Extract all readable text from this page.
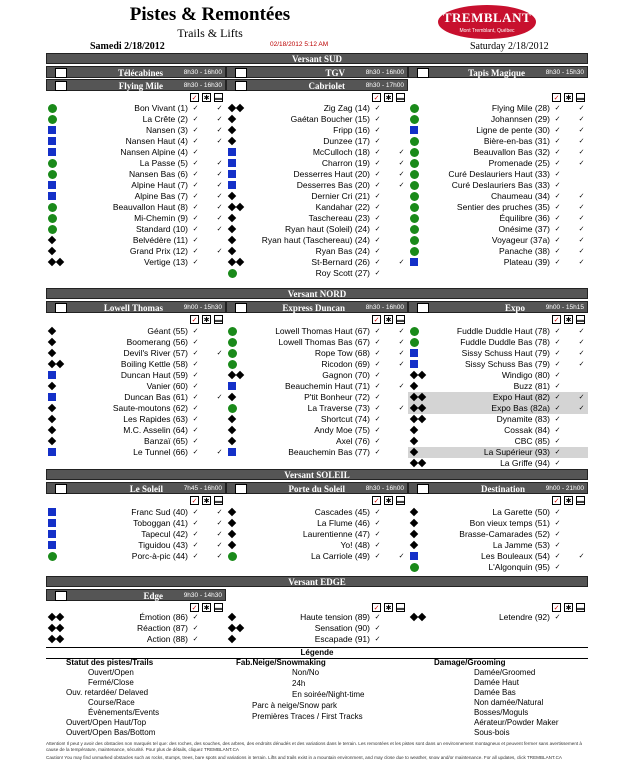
Pistes & Remontées
Trails & Lifts
Samedi 2/18/2012	02/18/2012 5:12 AM	Saturday 2/18/2012
TREMBLANT
Mont Tremblant, Québec
Versant SUD
Télécabines	8h30 - 16h00	TGV	8h30 - 16h00	Tapis Magique	8h30 - 15h30
Flying Mile	8h30 - 16h30	Cabriolet	8h30 - 17h00
✓ ✱ ▬	✓ ✱ ▬	✓ ✱ ▬
Bon Vivant (1) ✓	✓
La Crête (2) ✓	✓
Nansen (3) ✓	✓
Nansen Haut (4) ✓	✓
Nansen Alpine (4) ✓
La Passe (5) ✓	✓
Nansen Bas (6) ✓	✓
Alpine Haut (7) ✓	✓
Alpine Bas (7) ✓	✓
Beauvallon Haut (8) ✓	✓
Mi-Chemin (9) ✓	✓
Standard (10) ✓	✓
Belvédère (11) ✓
Grand Prix (12) ✓	✓
Vertige (13) ✓
Zig Zag (14) ✓
Gaétan Boucher (15) ✓
Fripp (16) ✓
Dunzee (17) ✓
McCulloch (18) ✓	✓
Charron (19) ✓	✓
Desserres Haut (20) ✓	✓
Desserres Bas (20) ✓	✓
Dernier Cri (21) ✓
Kandahar (22) ✓
Taschereau (23) ✓
Ryan haut (Soleil) (24) ✓
Ryan haut (Taschereau) (24) ✓
Ryan Bas (24) ✓
St-Bernard (26) ✓	✓
Roy Scott (27) ✓
Flying Mile (28) ✓	✓
Johannsen (29) ✓	✓
Ligne de pente (30) ✓	✓
Bière-en-bas (31) ✓	✓
Beauvallon Bas (32) ✓	✓
Promenade (25) ✓	✓
Curé Deslauriers Haut (33) ✓
Curé Deslauriers Bas (33) ✓
Chaumeau (34) ✓	✓
Sentier des pruches (35) ✓	✓
Équilibre (36) ✓	✓
Onésime (37) ✓	✓
Voyageur (37a) ✓	✓
Panache (38) ✓	✓
Plateau (39) ✓	✓
Versant NORD
Lowell Thomas	9h00 - 15h30	Express Duncan	8h30 - 16h00	Expo	9h00 - 15h15
✓ ✱ ▬	✓ ✱ ▬	✓ ✱ ▬
Géant (55) ✓
Boomerang (56) ✓
Devil's River (57) ✓	✓
Boiling Kettle (58) ✓
Duncan Haut (59) ✓
Vanier (60) ✓
Duncan Bas (61) ✓	✓
Saute-moutons (62) ✓
Les Rapides (63) ✓
M.C. Asselin (64) ✓
Banzaï (65) ✓
Le Tunnel (66) ✓	✓
Lowell Thomas Haut (67) ✓	✓
Lowell Thomas Bas (67) ✓	✓
Rope Tow (68) ✓	✓
Ricodon (69) ✓	✓
Gagnon (70) ✓
Beauchemin Haut (71) ✓	✓
P'tit Bonheur (72) ✓
La Traverse (73) ✓	✓
Shortcut (74) ✓
Andy Moe (75) ✓
Axel (76) ✓
Beauchemin Bas (77) ✓
Fuddle Duddle Haut (78) ✓	✓
Fuddle Duddle Bas (78) ✓	✓
Sissy Schuss Haut (79) ✓	✓
Sissy Schuss Bas (79) ✓	✓
Windigo (80) ✓
Buzz (81) ✓
Expo Haut (82) ✓	✓
Expo Bas (82a) ✓	✓
Dynamite (83) ✓
Cossak (84) ✓
CBC (85) ✓
La Supérieur (93) ✓
La Griffe (94) ✓
Versant SOLEIL
Le Soleil	7h45 - 16h00	Porte du Soleil	8h30 - 16h00	Destination	9h00 - 21h00
✓ ✱ ▬	✓ ✱ ▬	✓ ✱ ▬
Franc Sud (40) ✓	✓
Toboggan (41) ✓	✓
Tapecul (42) ✓	✓
Tiguidou (43) ✓	✓
Porc-à-pic (44) ✓	✓
Cascades (45) ✓
La Flume (46) ✓
Laurentienne (47) ✓
Yo! (48) ✓
La Carriole (49) ✓	✓
La Garette (50) ✓
Bon vieux temps (51) ✓
Brasse-Camarades (52) ✓
La Jamme (53) ✓
Les Bouleaux (54) ✓	✓
L'Algonquin (95) ✓
Versant EDGE
Edge	9h30 - 14h30
✓ ✱ ▬	✓ ✱ ▬	✓ ✱ ▬
Émotion (86) ✓
Réaction (87) ✓
Action (88) ✓
Haute tension (89) ✓
Sensation (90) ✓
Escapade (91) ✓
Letendre (92) ✓
Légende
Statut des pistes/Trails
Ouvert/Open
Fermé/Close
Ouv. retardée/ Delaved
Course/Race
Évènements/Events
Ouvert/Open Haut/Top
Ouvert/Open Bas/Bottom
Fab.Neige/Snowmaking
Non/No
24h
En soirée/Night-time
Parc à neige/Snow park
Premières Traces / First Tracks
Damage/Grooming
Damée/Groomed
Damée Haut
Damée Bas
Non damée/Natural
Bosses/Moguls
Aérateur/Powder Maker
Sous-bois
Attention! Il peut y avoir des obstacles non marqués tel que: des roches, des souches, des arbres, des endroits dénudés et des variations dans le terrain. Les remontées et les pistes sont dans un environnement montagneux et peuvent fermer sans avertissement à cause de la température, maintenance, sécurité. Pour plus de détails, cliquez TREMBLANT.CA
Caution! You may find unmarked obstacles such as rocks, stumps, trees, bare spots and variations in terrain. Lifts and trails exist in a mountain environment, and may close due to weather, snow and/or maintenance. For all updates, click TREMBLANT.CA
